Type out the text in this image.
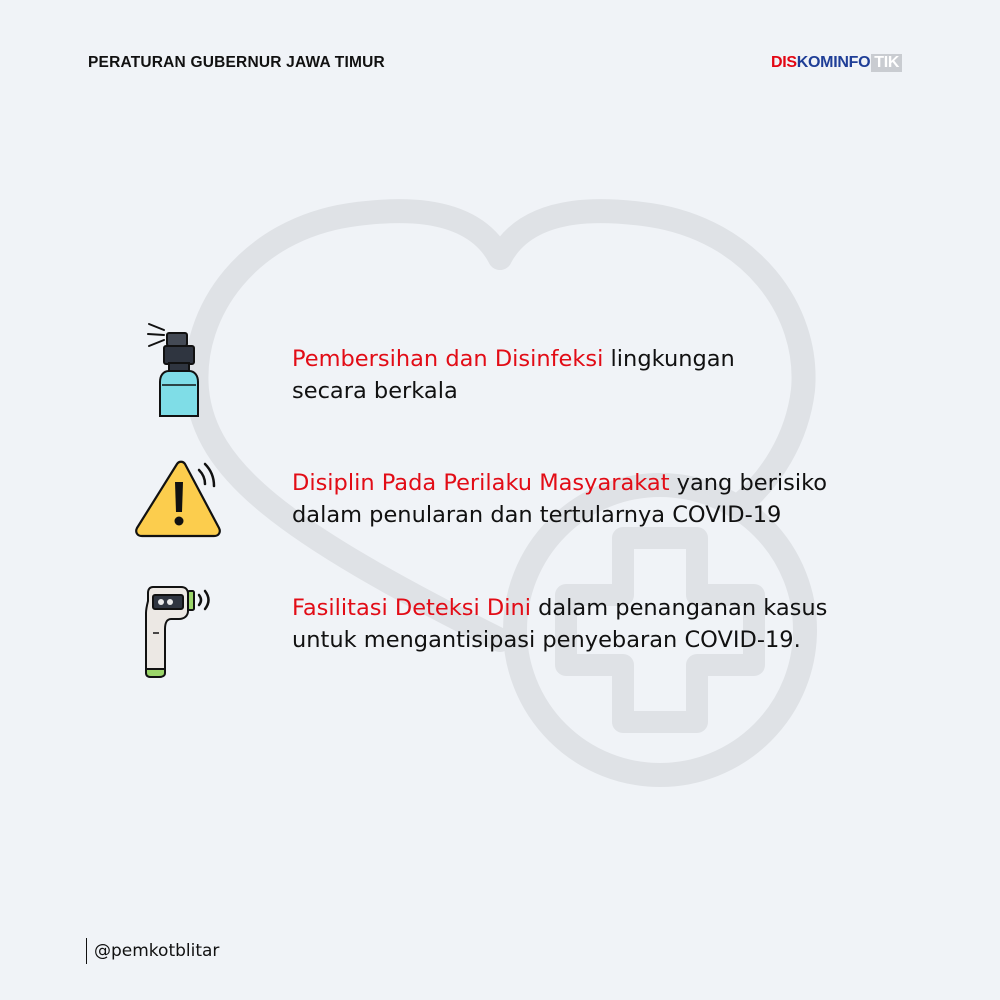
PERATURAN GUBERNUR JAWA TIMUR	DIS KOMINFO TIK
Pembersihan dan Disinfeksi lingkungan
secara berkala
Disiplin Pada Perilaku Masyarakat yang berisiko
dalam penularan dan tertularnya COVID-19
Fasilitasi Deteksi Dini dalam penanganan kasus
untuk mengantisipasi penyebaran COVID-19.
@pemkotblitar
